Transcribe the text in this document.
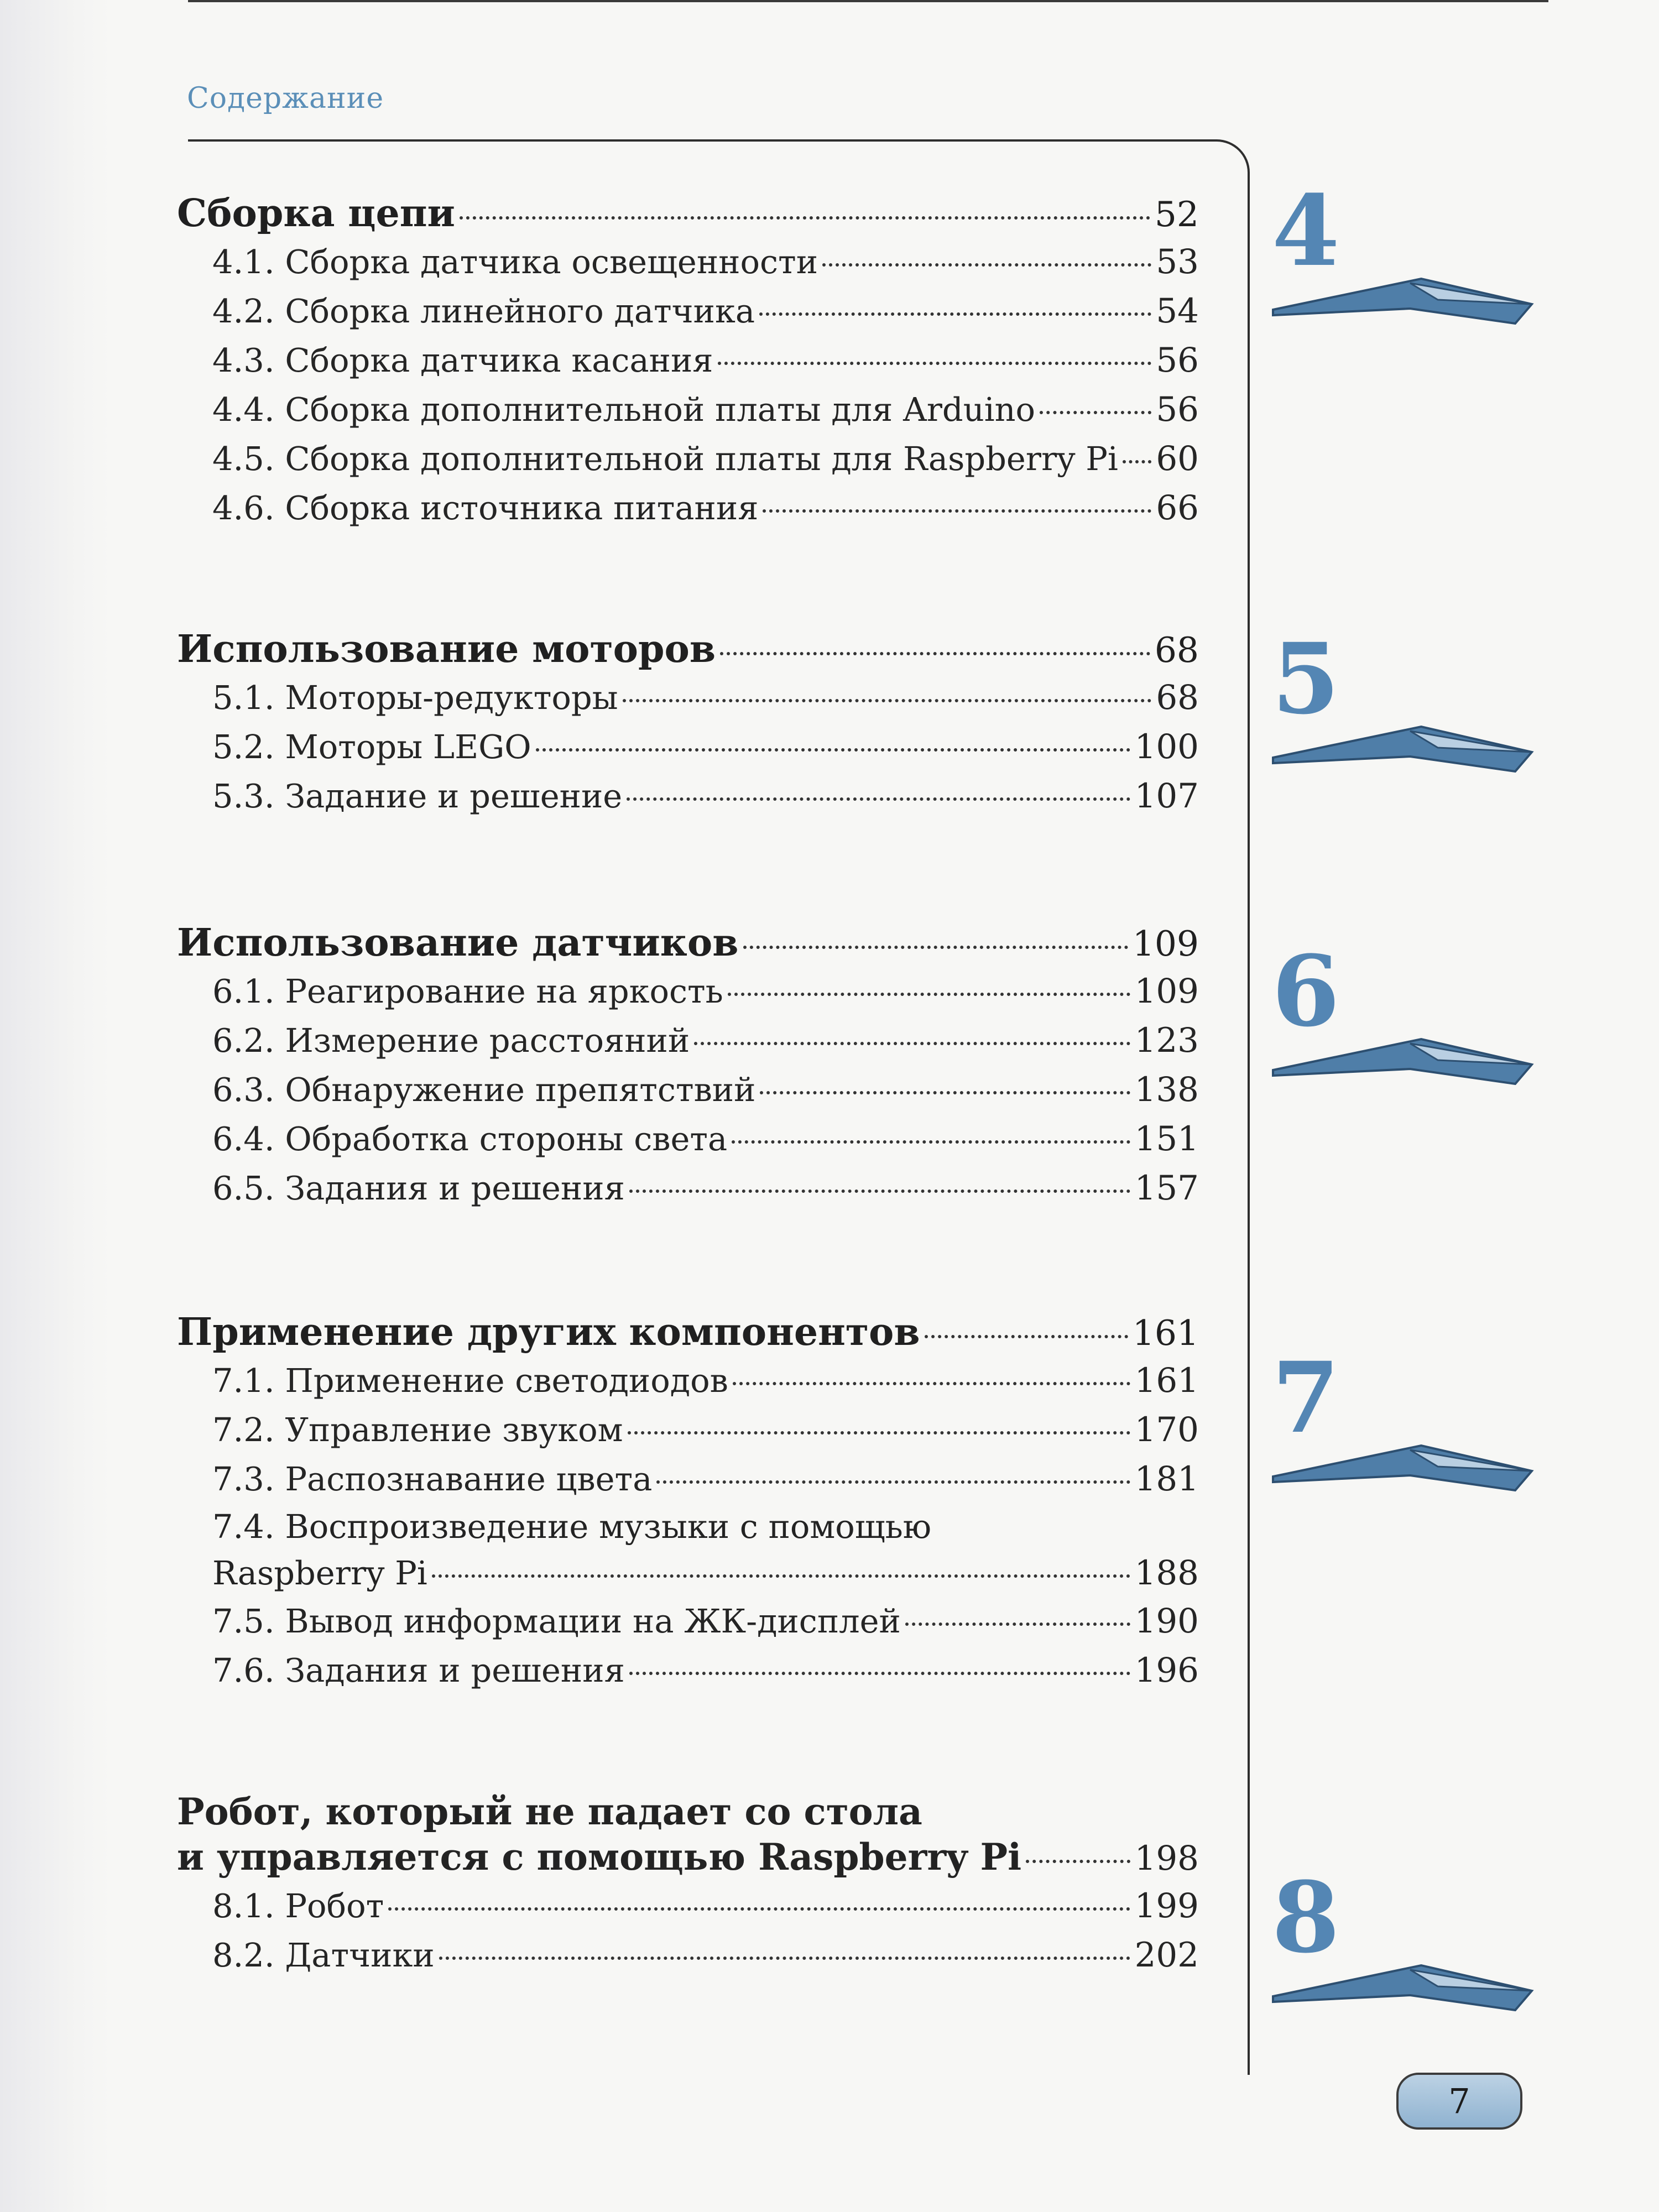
Содержание
Сборка цепи	52
4.1. Сборка датчика освещенности	53
4.2. Сборка линейного датчика	54
4.3. Сборка датчика касания	56
4.4. Сборка дополнительной платы для Arduino	56
4.5. Сборка дополнительной платы для Raspberry Pi 60
4.6. Сборка источника питания	66
Использование моторов	68
5.1. Моторы-редукторы	68
5.2. Моторы LEGO	100
5.3. Задание и решение	107
Использование датчиков	109
6.1. Реагирование на яркость	109
6.2. Измерение расстояний	123
6.3. Обнаружение препятствий	138
6.4. Обработка стороны света	151
6.5. Задания и решения	157
Применение других компонентов	161
7.1. Применение светодиодов	161
7.2. Управление звуком	170
7.3. Распознавание цвета	181
7.4. Воспроизведение музыки с помощью
Raspberry Pi	188
7.5. Вывод информации на ЖК-дисплей	190
7.6. Задания и решения	196
Робот, который не падает со стола
и управляется с помощью Raspberry Pi	198
8.1. Робот	199
8.2. Датчики	202
4
5
6
7
8
7
